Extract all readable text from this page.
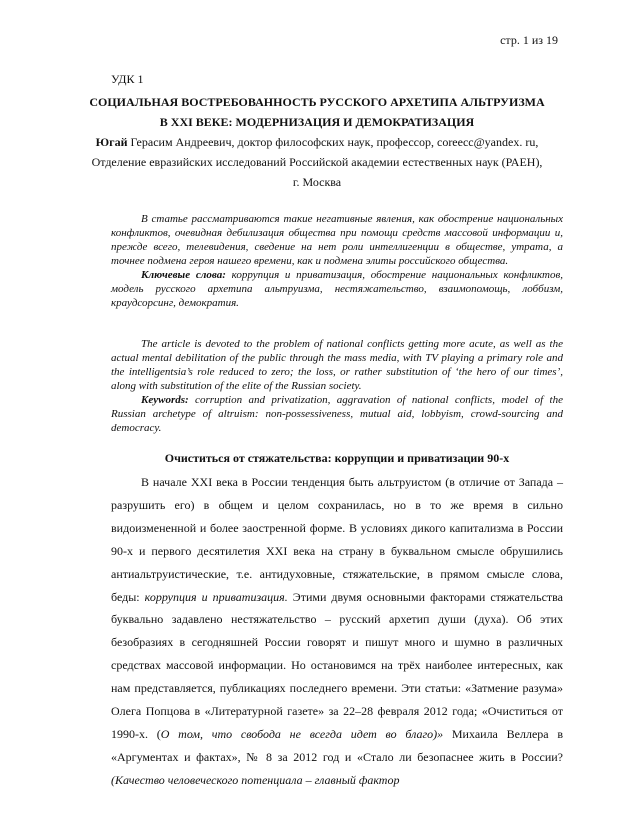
стр. 1 из 19
УДК 1
СОЦИАЛЬНАЯ ВОСТРЕБОВАННОСТЬ РУССКОГО АРХЕТИПА АЛЬТРУИЗМА
В XXI ВЕКЕ: МОДЕРНИЗАЦИЯ И ДЕМОКРАТИЗАЦИЯ
Югай Герасим Андреевич, доктор философских наук, профессор, coreecc@yandex. ru,
Отделение евразийских исследований Российской академии естественных наук (РАЕН),
г. Москва

В статье рассматриваются такие негативные явления, как обострение национальных конфликтов, очевидная дебилизация общества при помощи средств массовой информации и, прежде всего, телевидения, сведение на нет роли интеллигенции в обществе, утрата, а точнее подмена героя нашего времени, как и подмена элиты российского общества.

Ключевые слова: коррупция и приватизация, обострение национальных конфликтов, модель русского архетипа альтруизма, нестяжательство, взаимопомощь, лоббизм, краудсорсинг, демократия.

The article is devoted to the problem of national conflicts getting more acute, as well as the actual mental debilitation of the public through the mass media, with TV playing a primary role and the intelligentsia’s role reduced to zero; the loss, or rather substitution of ‘the hero of our times’, along with substitution of the elite of the Russian society.

Keywords: corruption and privatization, aggravation of national conflicts, model of the Russian archetype of altruism: non-possessiveness, mutual aid, lobbyism, crowd-sourcing and democracy.

Очиститься от стяжательства: коррупции и приватизации 90-х

В начале XXI века в России тенденция быть альтруистом (в отличие от Запада – разрушить его) в общем и целом сохранилась, но в то же время в сильно видоизмененной и более заостренной форме. В условиях дикого капитализма в России 90-х и первого десятилетия XXI века на страну в буквальном смысле обрушились антиальтруистические, т.е. антидуховные, стяжательские, в прямом смысле слова, беды: коррупция и приватизация. Этими двумя основными факторами стяжательства буквально задавлено нестяжательство – русский архетип души (духа). Об этих безобразиях в сегодняшней России говорят и пишут много и шумно в различных средствах массовой информации. Но остановимся на трёх наиболее интересных, как нам представляется, публикациях последнего времени. Эти статьи: «Затмение разума» Олега Попцова в «Литературной газете» за 22–28 февраля 2012 года; «Очиститься от 1990-х. (О том, что свобода не всегда идет во благо)» Михаила Веллера в «Аргументах и фактах», № 8 за 2012 год и «Стало ли безопаснее жить в России? (Качество человеческого потенциала – главный фактор
